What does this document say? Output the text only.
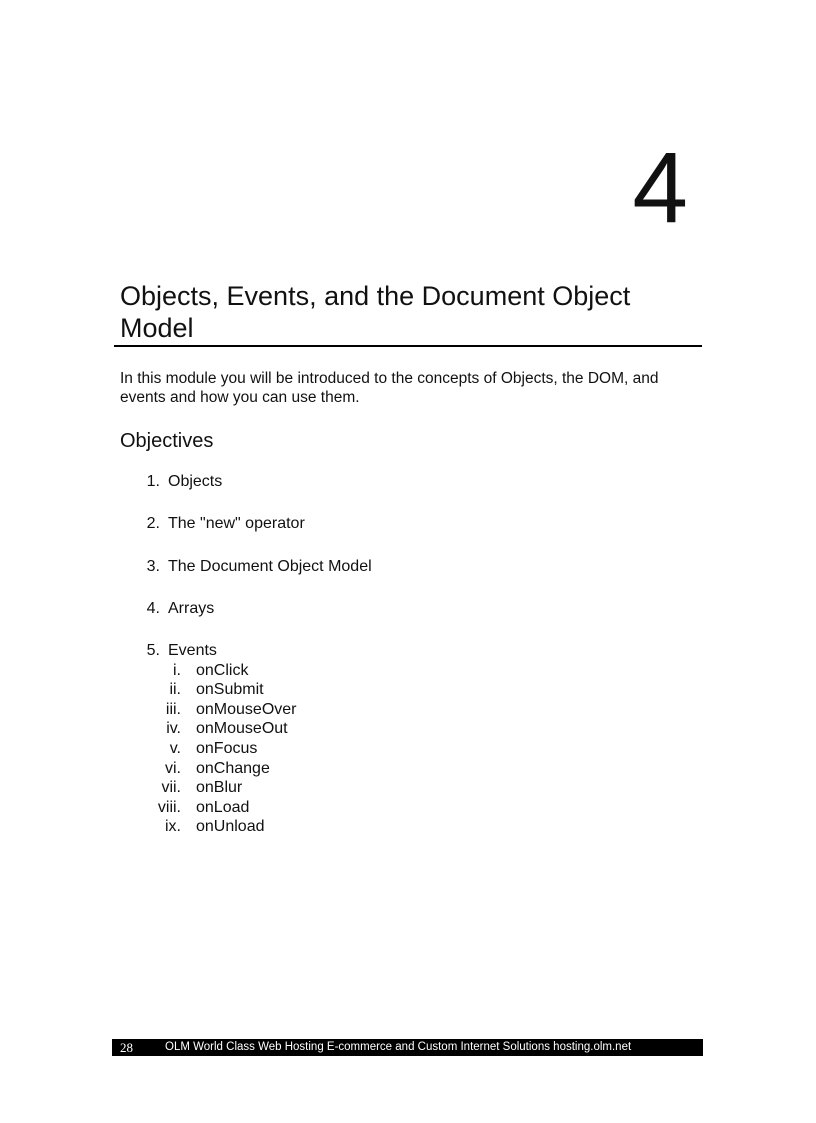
4
Objects, Events, and the Document Object Model

In this module you will be introduced to the concepts of Objects, the DOM, and events and how you can use them.

Objectives
1. Objects
2. The "new" operator
3. The Document Object Model
4. Arrays
5. Events
i. onClick
ii. onSubmit
iii. onMouseOver
iv. onMouseOut
v. onFocus
vi. onChange
vii. onBlur
viii. onLoad
ix. onUnload
28	OLM World Class Web Hosting E-commerce and Custom Internet Solutions hosting.olm.net
